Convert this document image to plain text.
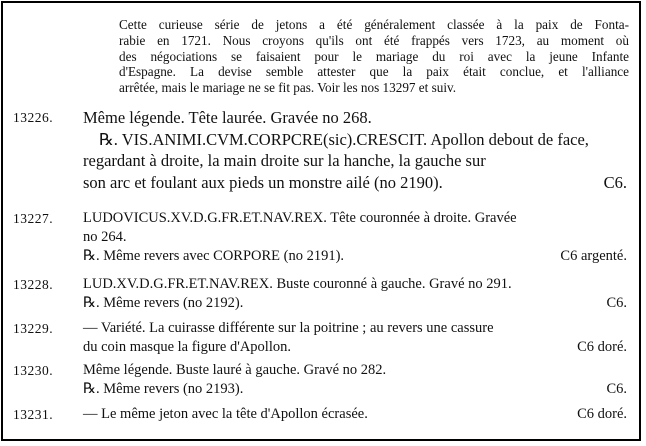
Cette curieuse série de jetons a été généralement classée à la paix de Fonta-
rabie en 1721. Nous croyons qu'ils ont été frappés vers 1723, au moment où
des négociations se faisaient pour le mariage du roi avec la jeune Infante
d'Espagne. La devise semble attester que la paix était conclue, et l'alliance
arrêtée, mais le mariage ne se fit pas. Voir les nos 13297 et suiv.
13226. Même légende. Tête laurée. Gravée no 268.
℞. VIS.ANIMI.CVM.CORPCRE(sic).CRESCIT. Apollon debout de face,
regardant à droite, la main droite sur la hanche, la gauche sur
son arc et foulant aux pieds un monstre ailé (no 2190).	C6.
13227. LUDOVICUS.XV.D.G.FR.ET.NAV.REX. Tête couronnée à droite. Gravée
no 264.
℞. Même revers avec CORPORE (no 2191).	C6 argenté.
13228. LUD.XV.D.G.FR.ET.NAV.REX. Buste couronné à gauche. Gravé no 291.
℞. Même revers (no 2192).	C6.
13229. — Variété. La cuirasse différente sur la poitrine ; au revers une cassure
du coin masque la figure d'Apollon.	C6 doré.
13230. Même légende. Buste lauré à gauche. Gravé no 282.
℞. Même revers (no 2193).	C6.
13231. — Le même jeton avec la tête d'Apollon écrasée.	C6 doré.
